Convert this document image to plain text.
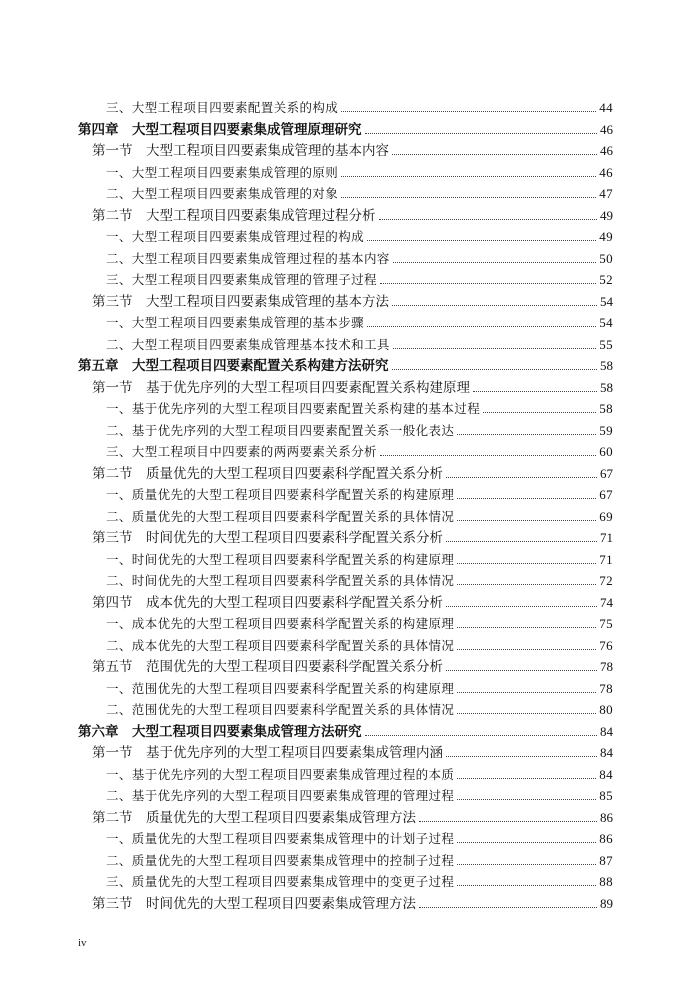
三、大型工程项目四要素配置关系的构成	44
第四章　大型工程项目四要素集成管理原理研究	46
第一节　大型工程项目四要素集成管理的基本内容	46
一、大型工程项目四要素集成管理的原则	46
二、大型工程项目四要素集成管理的对象	47
第二节　大型工程项目四要素集成管理过程分析	49
一、大型工程项目四要素集成管理过程的构成	49
二、大型工程项目四要素集成管理过程的基本内容	50
三、大型工程项目四要素集成管理的管理子过程	52
第三节　大型工程项目四要素集成管理的基本方法	54
一、大型工程项目四要素集成管理的基本步骤	54
二、大型工程项目四要素集成管理基本技术和工具	55
第五章　大型工程项目四要素配置关系构建方法研究	58
第一节　基于优先序列的大型工程项目四要素配置关系构建原理	58
一、基于优先序列的大型工程项目四要素配置关系构建的基本过程	58
二、基于优先序列的大型工程项目四要素配置关系一般化表达	59
三、大型工程项目中四要素的两两要素关系分析	60
第二节　质量优先的大型工程项目四要素科学配置关系分析	67
一、质量优先的大型工程项目四要素科学配置关系的构建原理	67
二、质量优先的大型工程项目四要素科学配置关系的具体情况	69
第三节　时间优先的大型工程项目四要素科学配置关系分析	71
一、时间优先的大型工程项目四要素科学配置关系的构建原理	71
二、时间优先的大型工程项目四要素科学配置关系的具体情况	72
第四节　成本优先的大型工程项目四要素科学配置关系分析	74
一、成本优先的大型工程项目四要素科学配置关系的构建原理	75
二、成本优先的大型工程项目四要素科学配置关系的具体情况	76
第五节　范围优先的大型工程项目四要素科学配置关系分析	78
一、范围优先的大型工程项目四要素科学配置关系的构建原理	78
二、范围优先的大型工程项目四要素科学配置关系的具体情况	80
第六章　大型工程项目四要素集成管理方法研究	84
第一节　基于优先序列的大型工程项目四要素集成管理内涵	84
一、基于优先序列的大型工程项目四要素集成管理过程的本质	84
二、基于优先序列的大型工程项目四要素集成管理的管理过程	85
第二节　质量优先的大型工程项目四要素集成管理方法	86
一、质量优先的大型工程项目四要素集成管理中的计划子过程	86
二、质量优先的大型工程项目四要素集成管理中的控制子过程	87
三、质量优先的大型工程项目四要素集成管理中的变更子过程	88
第三节　时间优先的大型工程项目四要素集成管理方法	89
iv
